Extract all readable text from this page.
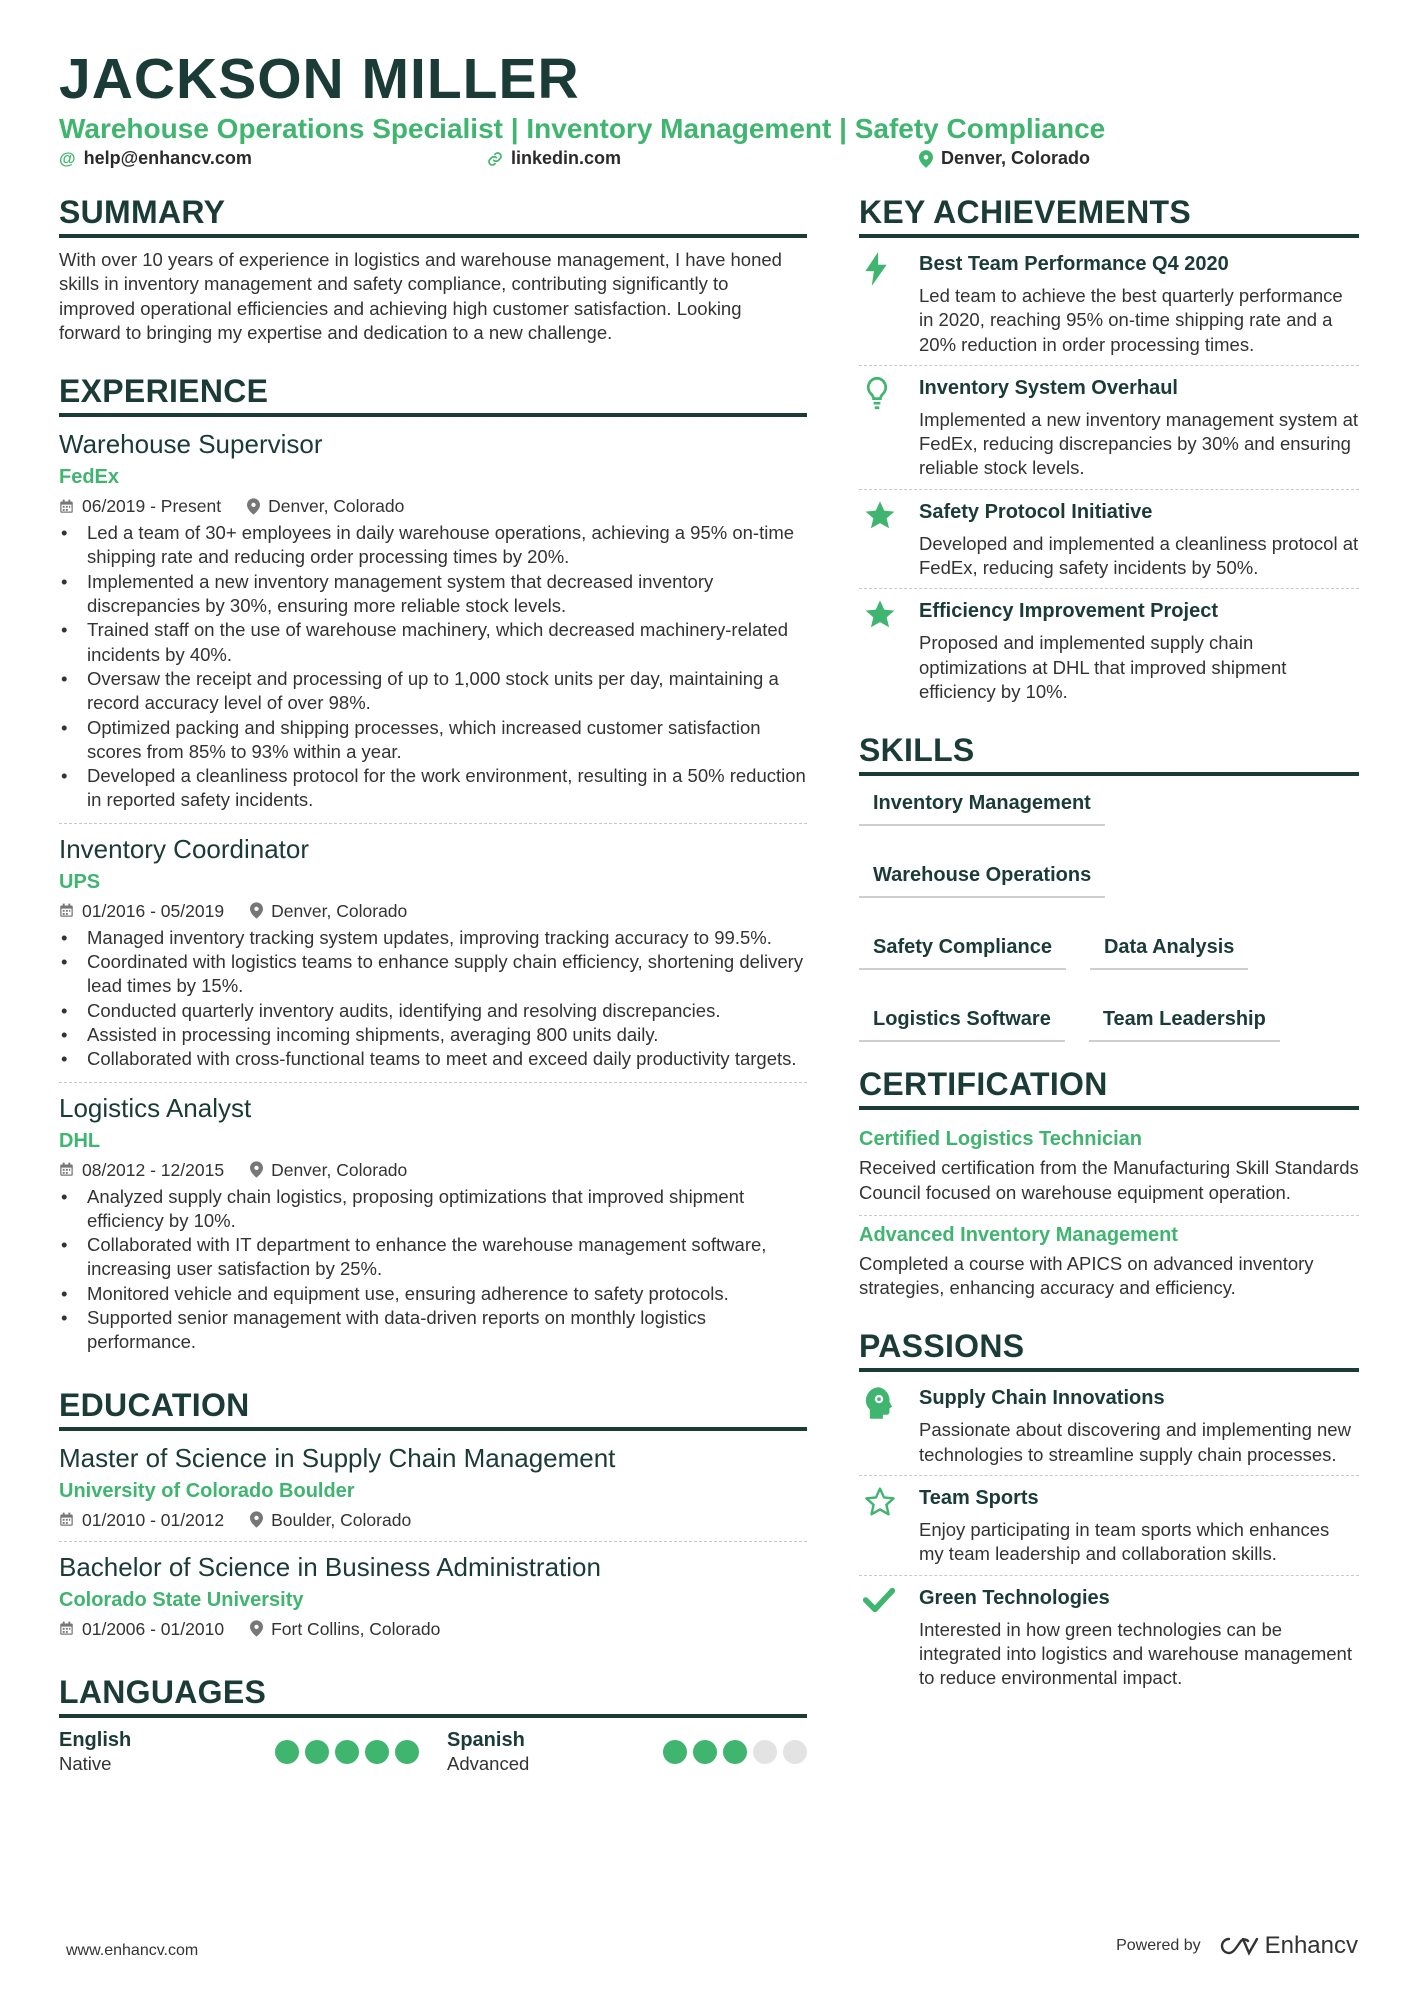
JACKSON MILLER
Warehouse Operations Specialist | Inventory Management | Safety Compliance
@ help@enhancv.com	linkedin.com	Denver, Colorado
SUMMARY
With over 10 years of experience in logistics and warehouse management, I have honed skills in inventory management and safety compliance, contributing significantly to improved operational efficiencies and achieving high customer satisfaction. Looking forward to bringing my expertise and dedication to a new challenge.
EXPERIENCE
Warehouse Supervisor
FedEx
06/2019 - Present	Denver, Colorado
• Led a team of 30+ employees in daily warehouse operations, achieving a 95% on-time shipping rate and reducing order processing times by 20%.
• Implemented a new inventory management system that decreased inventory discrepancies by 30%, ensuring more reliable stock levels.
• Trained staff on the use of warehouse machinery, which decreased machinery-related incidents by 40%.
• Oversaw the receipt and processing of up to 1,000 stock units per day, maintaining a record accuracy level of over 98%.
• Optimized packing and shipping processes, which increased customer satisfaction scores from 85% to 93% within a year.
• Developed a cleanliness protocol for the work environment, resulting in a 50% reduction in reported safety incidents.
Inventory Coordinator
UPS
01/2016 - 05/2019	Denver, Colorado
• Managed inventory tracking system updates, improving tracking accuracy to 99.5%.
• Coordinated with logistics teams to enhance supply chain efficiency, shortening delivery lead times by 15%.
• Conducted quarterly inventory audits, identifying and resolving discrepancies.
• Assisted in processing incoming shipments, averaging 800 units daily.
• Collaborated with cross-functional teams to meet and exceed daily productivity targets.
Logistics Analyst
DHL
08/2012 - 12/2015	Denver, Colorado
• Analyzed supply chain logistics, proposing optimizations that improved shipment efficiency by 10%.
• Collaborated with IT department to enhance the warehouse management software, increasing user satisfaction by 25%.
• Monitored vehicle and equipment use, ensuring adherence to safety protocols.
• Supported senior management with data-driven reports on monthly logistics performance.
EDUCATION
Master of Science in Supply Chain Management
University of Colorado Boulder
01/2010 - 01/2012	Boulder, Colorado
Bachelor of Science in Business Administration
Colorado State University
01/2006 - 01/2010	Fort Collins, Colorado
LANGUAGES
English
Native
Spanish
Advanced
KEY ACHIEVEMENTS
Best Team Performance Q4 2020
Led team to achieve the best quarterly performance in 2020, reaching 95% on-time shipping rate and a 20% reduction in order processing times.
Inventory System Overhaul
Implemented a new inventory management system at FedEx, reducing discrepancies by 30% and ensuring reliable stock levels.
Safety Protocol Initiative
Developed and implemented a cleanliness protocol at FedEx, reducing safety incidents by 50%.
Efficiency Improvement Project
Proposed and implemented supply chain optimizations at DHL that improved shipment efficiency by 10%.
SKILLS
Inventory Management
Warehouse Operations
Safety Compliance	Data Analysis
Logistics Software	Team Leadership
CERTIFICATION
Certified Logistics Technician
Received certification from the Manufacturing Skill Standards Council focused on warehouse equipment operation.
Advanced Inventory Management
Completed a course with APICS on advanced inventory strategies, enhancing accuracy and efficiency.
PASSIONS
Supply Chain Innovations
Passionate about discovering and implementing new technologies to streamline supply chain processes.
Team Sports
Enjoy participating in team sports which enhances my team leadership and collaboration skills.
Green Technologies
Interested in how green technologies can be integrated into logistics and warehouse management to reduce environmental impact.
www.enhancv.com	Powered by	Enhancv
